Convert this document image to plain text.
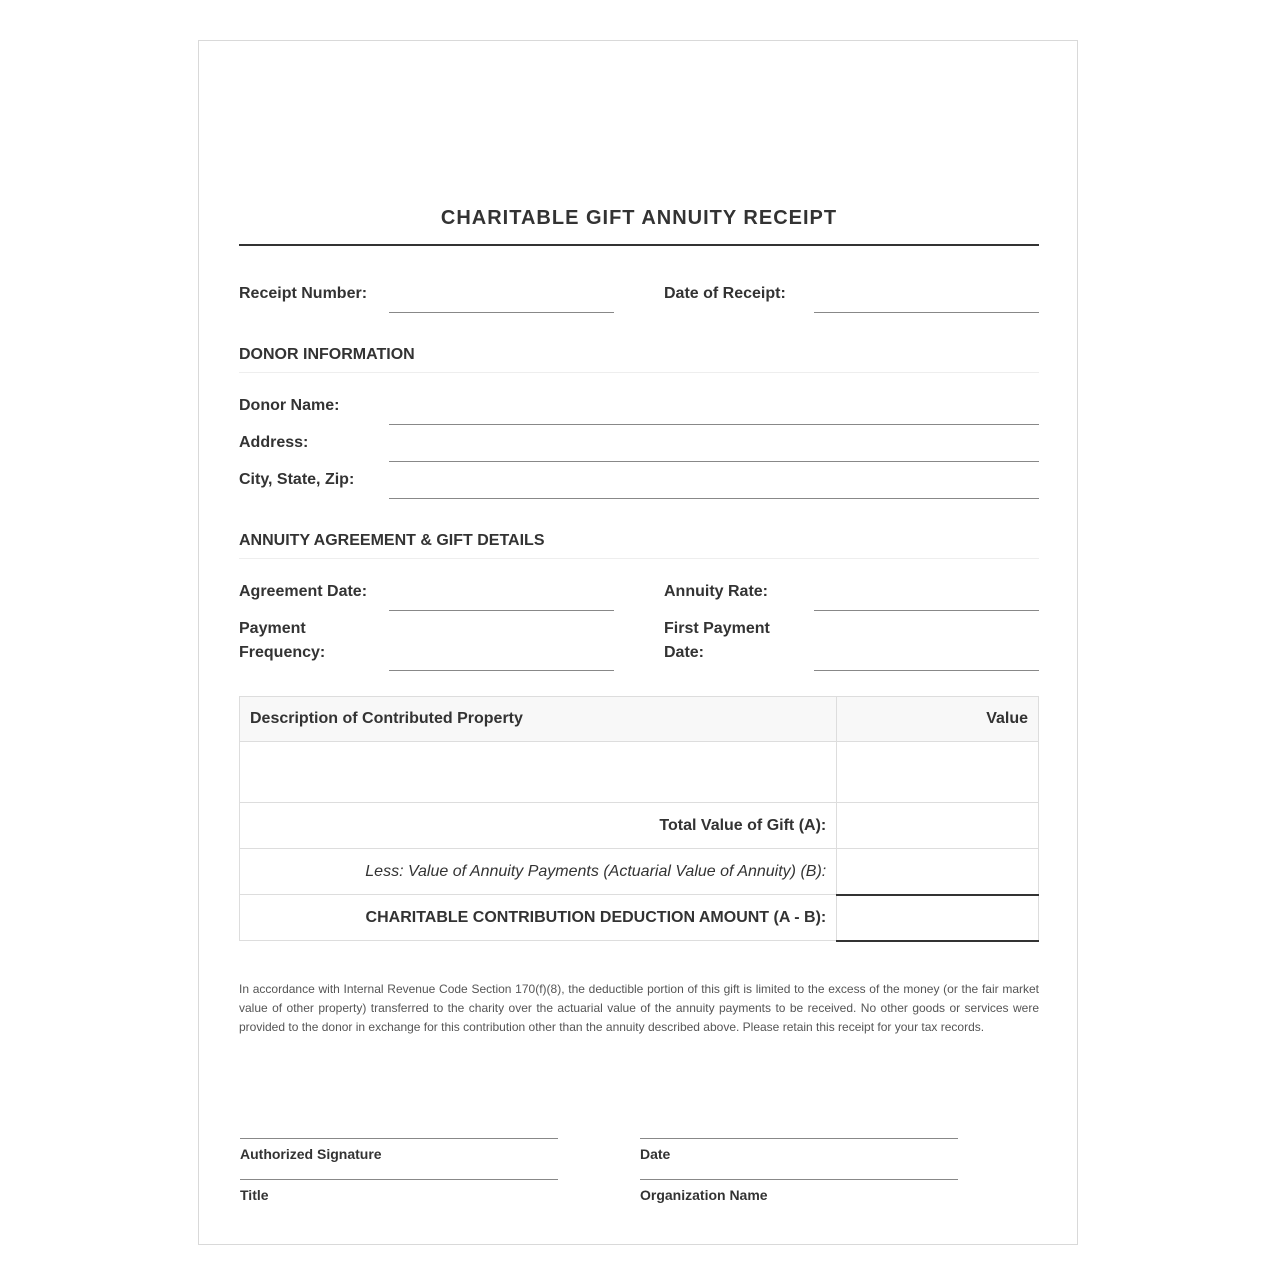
CHARITABLE GIFT ANNUITY RECEIPT
Receipt Number:	Date of Receipt:
DONOR INFORMATION
Donor Name:
Address:
City, State, Zip:
ANNUITY AGREEMENT & GIFT DETAILS
Agreement Date:	Annuity Rate:
Payment
Frequency:
First Payment
Date:
Description of Contributed Property	Value

Total Value of Gift (A):	
Less: Value of Annuity Payments (Actuarial Value of Annuity) (B):	
CHARITABLE CONTRIBUTION DEDUCTION AMOUNT (A - B):	
In accordance with Internal Revenue Code Section 170(f)(8), the deductible portion of this gift is limited to the excess of the money (or the fair market value of other property) transferred to the charity over the actuarial value of the annuity payments to be received. No other goods or services were provided to the donor in exchange for this contribution other than the annuity described above. Please retain this receipt for your tax records.
Authorized Signature	Date
Title	Organization Name
